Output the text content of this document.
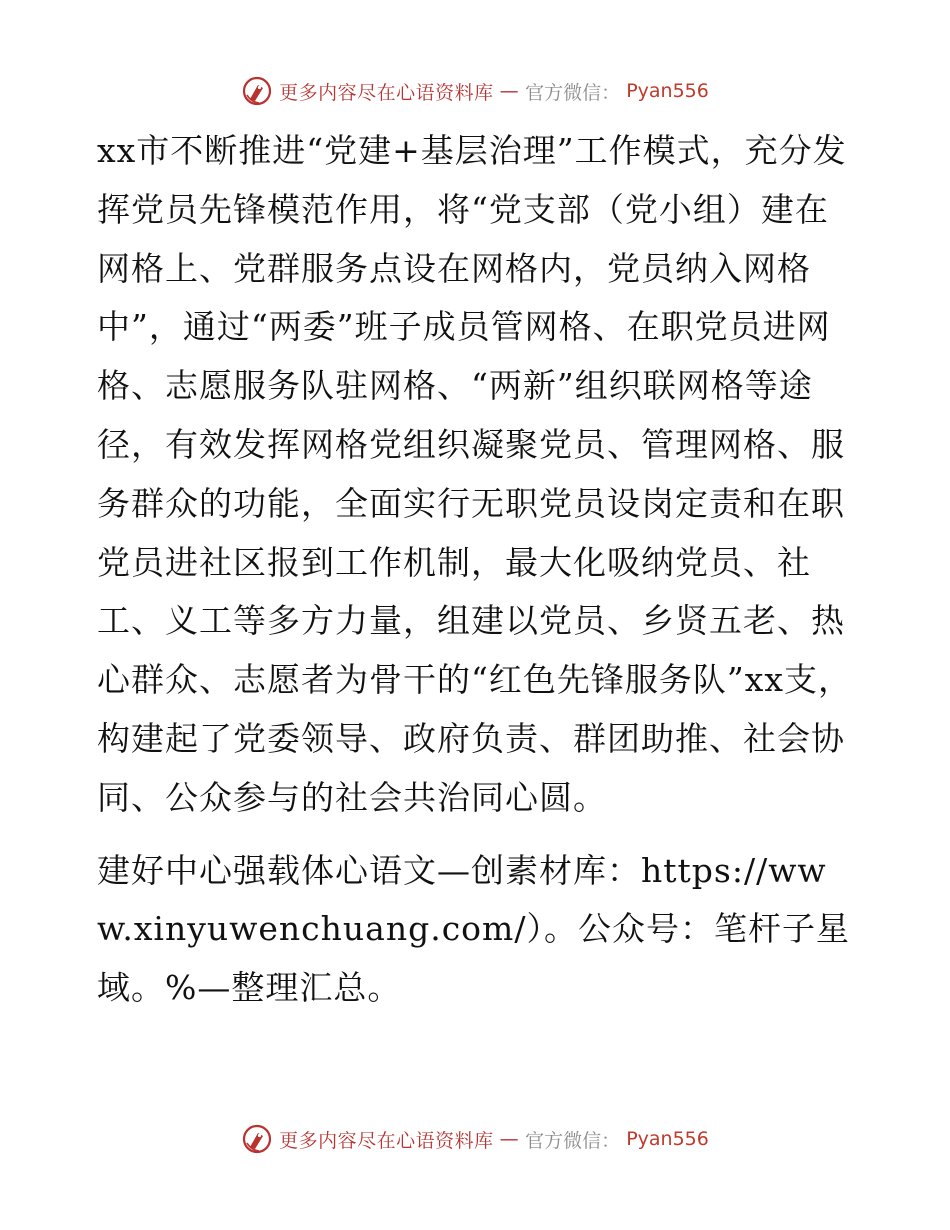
更多内容尽在心语资料库 — 官方微信： Pyan556

xx市不断推进“党建+基层治理”工作模式，充分发挥党员先锋模范作用，将“党支部（党小组）建在网格上、党群服务点设在网格内，党员纳入网格中”，通过“两委”班子成员管网格、在职党员进网格、志愿服务队驻网格、“两新”组织联网格等途径，有效发挥网格党组织凝聚党员、管理网格、服务群众的功能，全面实行无职党员设岗定责和在职党员进社区报到工作机制，最大化吸纳党员、社工、义工等多方力量，组建以党员、乡贤五老、热心群众、志愿者为骨干的“红色先锋服务队”xx支，构建起了党委领导、政府负责、群团助推、社会协同、公众参与的社会共治同心圆。

建好中心强载体心语文—创素材库：https://www.xinyuwenchuang.com/）。公众号：笔杆子星域。%—整理汇总。

更多内容尽在心语资料库 — 官方微信： Pyan556
